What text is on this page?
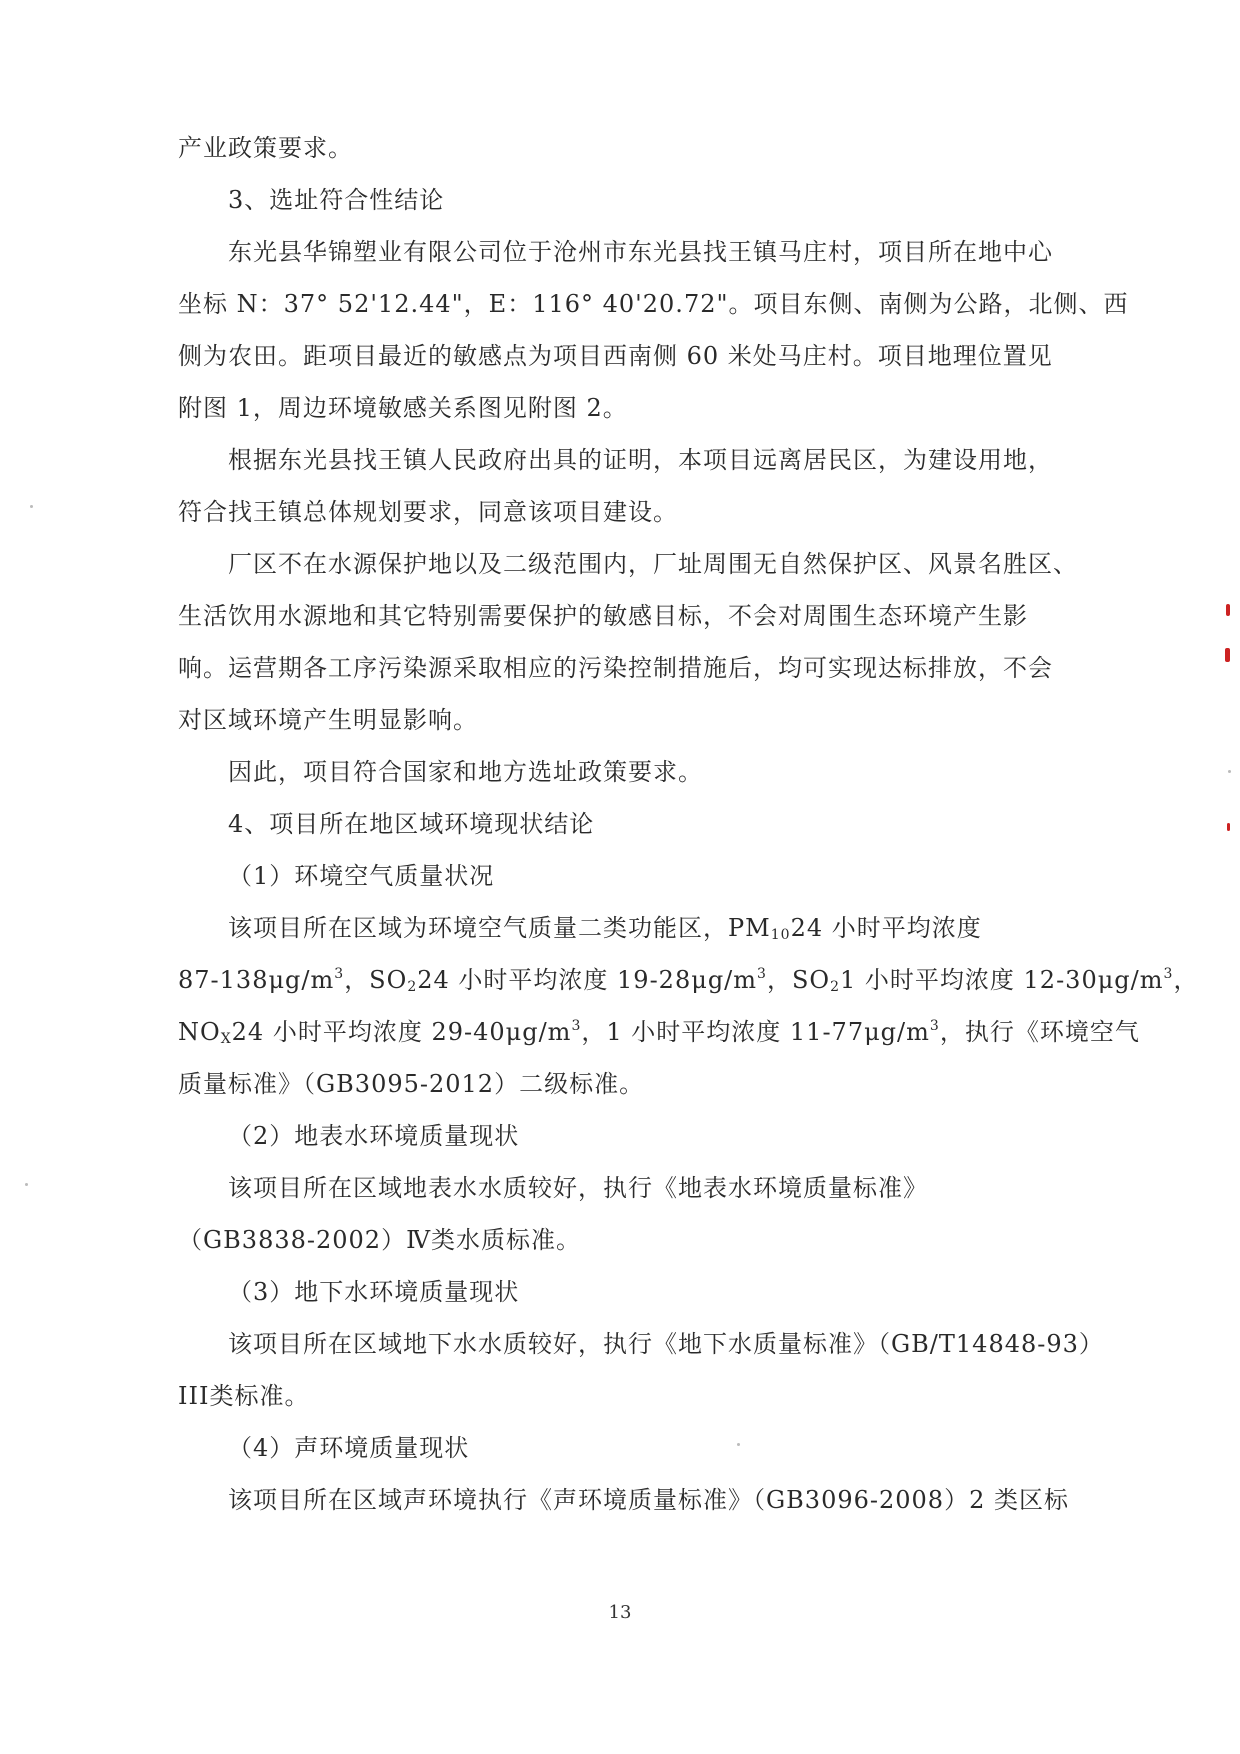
产业政策要求。
3、选址符合性结论
东光县华锦塑业有限公司位于沧州市东光县找王镇马庄村，项目所在地中心
坐标 N：37° 52'12.44"，E：116° 40'20.72"。项目东侧、南侧为公路，北侧、西
侧为农田。距项目最近的敏感点为项目西南侧 60 米处马庄村。项目地理位置见
附图 1，周边环境敏感关系图见附图 2。
根据东光县找王镇人民政府出具的证明，本项目远离居民区，为建设用地，
符合找王镇总体规划要求，同意该项目建设。
厂区不在水源保护地以及二级范围内，厂址周围无自然保护区、风景名胜区、
生活饮用水源地和其它特别需要保护的敏感目标，不会对周围生态环境产生影
响。运营期各工序污染源采取相应的污染控制措施后，均可实现达标排放，不会
对区域环境产生明显影响。
因此，项目符合国家和地方选址政策要求。
4、项目所在地区域环境现状结论
（1）环境空气质量状况
该项目所在区域为环境空气质量二类功能区，$PM_{10}24$ 小时平均浓度
$87-138\mu g/m^3$，$SO_224$ 小时平均浓度 $19-28\mu g/m^3$，$SO_21$ 小时平均浓度 $12-30\mu g/m^3$，
$NO_X24$ 小时平均浓度 $29-40\mu g/m^3$，1 小时平均浓度 $11-77\mu g/m^3$，执行《环境空气
质量标准》（GB3095-2012）二级标准。
（2）地表水环境质量现状
该项目所在区域地表水水质较好，执行《地表水环境质量标准》
（GB3838-2002）Ⅳ类水质标准。
（3）地下水环境质量现状
该项目所在区域地下水水质较好，执行《地下水质量标准》（GB/T14848-93）
III类标准。
（4）声环境质量现状
该项目所在区域声环境执行《声环境质量标准》（GB3096-2008）2 类区标
13
